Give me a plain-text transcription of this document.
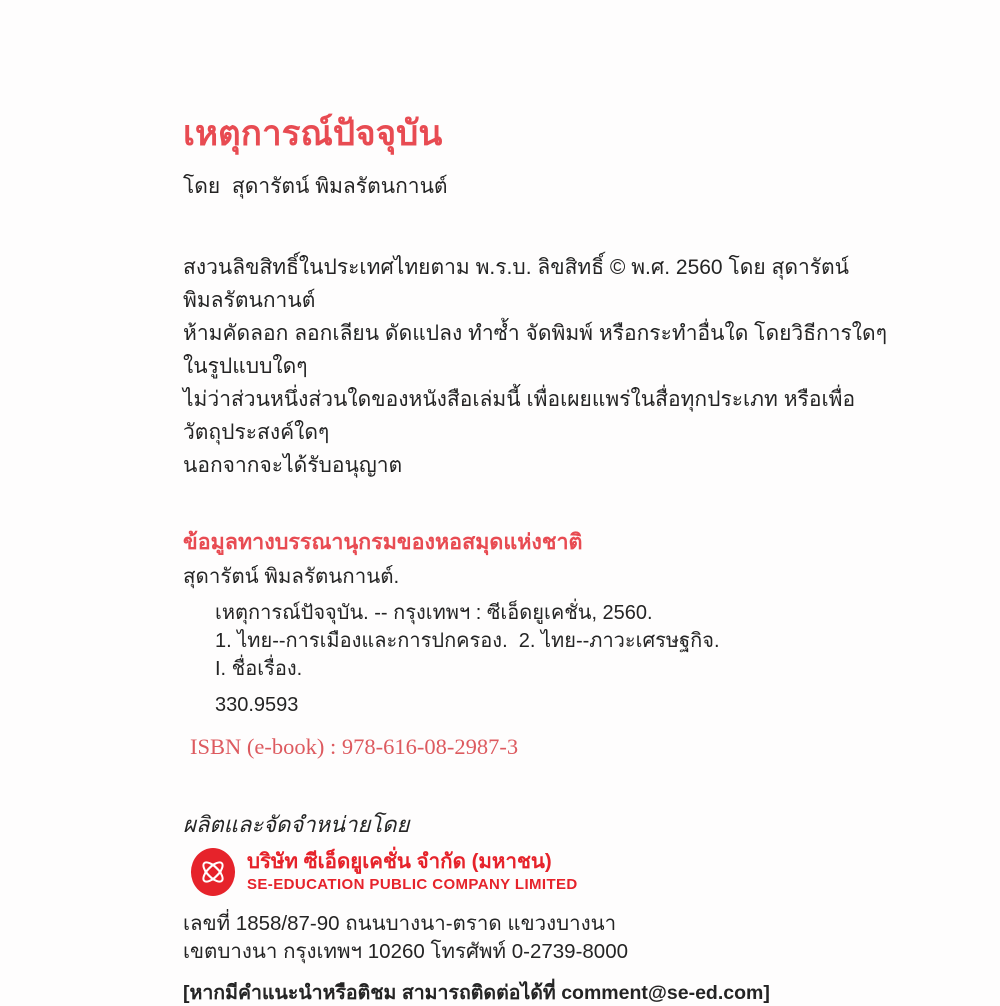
เหตุการณ์ปัจจุบัน
โดย  สุดารัตน์ พิมลรัตนกานต์
สงวนลิขสิทธิ์ในประเทศไทยตาม พ.ร.บ. ลิขสิทธิ์ © พ.ศ. 2560 โดย สุดารัตน์ พิมลรัตนกานต์
ห้ามคัดลอก ลอกเลียน ดัดแปลง ทำซ้ำ จัดพิมพ์ หรือกระทำอื่นใด โดยวิธีการใดๆ ในรูปแบบใดๆ
ไม่ว่าส่วนหนึ่งส่วนใดของหนังสือเล่มนี้ เพื่อเผยแพร่ในสื่อทุกประเภท หรือเพื่อวัตถุประสงค์ใดๆ
นอกจากจะได้รับอนุญาต
ข้อมูลทางบรรณานุกรมของหอสมุดแห่งชาติ
สุดารัตน์ พิมลรัตนกานต์.
เหตุการณ์ปัจจุบัน. -- กรุงเทพฯ : ซีเอ็ดยูเคชั่น, 2560.
1. ไทย--การเมืองและการปกครอง.  2. ไทย--ภาวะเศรษฐกิจ.
I. ชื่อเรื่อง.
330.9593
ISBN (e-book) : 978-616-08-2987-3
ผลิตและจัดจำหน่ายโดย
บริษัท ซีเอ็ดยูเคชั่น จำกัด (มหาชน)
SE-EDUCATION PUBLIC COMPANY LIMITED
เลขที่ 1858/87-90 ถนนบางนา-ตราด แขวงบางนา
เขตบางนา กรุงเทพฯ 10260 โทรศัพท์ 0-2739-8000
[หากมีคำแนะนำหรือติชม สามารถติดต่อได้ที่ comment@se-ed.com]
